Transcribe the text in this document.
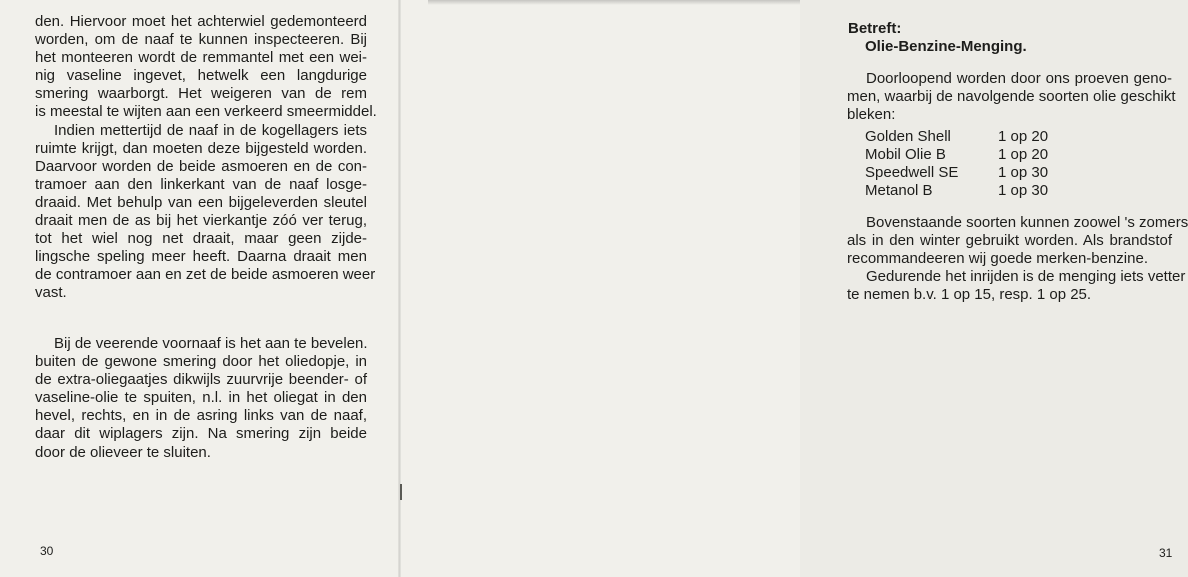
den. Hiervoor moet het achterwiel gedemonteerd
worden, om de naaf te kunnen inspecteeren. Bij
het monteeren wordt de remmantel met een wei-
nig vaseline ingevet, hetwelk een langdurige
smering waarborgt. Het weigeren van de rem
is meestal te wijten aan een verkeerd smeermiddel.
Indien mettertijd de naaf in de kogellagers iets
ruimte krijgt, dan moeten deze bijgesteld worden.
Daarvoor worden de beide asmoeren en de con-
tramoer aan den linkerkant van de naaf losge-
draaid. Met behulp van een bijgeleverden sleutel
draait men de as bij het vierkantje zóó ver terug,
tot het wiel nog net draait, maar geen zijde-
lingsche speling meer heeft. Daarna draait men
de contramoer aan en zet de beide asmoeren weer
vast.
Bij de veerende voornaaf is het aan te bevelen.
buiten de gewone smering door het oliedopje, in
de extra-oliegaatjes dikwijls zuurvrije beender- of
vaseline-olie te spuiten, n.l. in het oliegat in den
hevel, rechts, en in de asring links van de naaf,
daar dit wiplagers zijn. Na smering zijn beide
door de olieveer te sluiten.
30
Betreft:
Olie-Benzine-Menging.
Doorloopend worden door ons proeven geno-
men, waarbij de navolgende soorten olie geschikt
bleken:
Golden Shell	1 op 20
Mobil Olie B	1 op 20
Speedwell SE	1 op 30
Metanol B	1 op 30
Bovenstaande soorten kunnen zoowel 's zomers
als in den winter gebruikt worden. Als brandstof
recommandeeren wij goede merken-benzine.
Gedurende het inrijden is de menging iets vetter
te nemen b.v. 1 op 15, resp. 1 op 25.
31
